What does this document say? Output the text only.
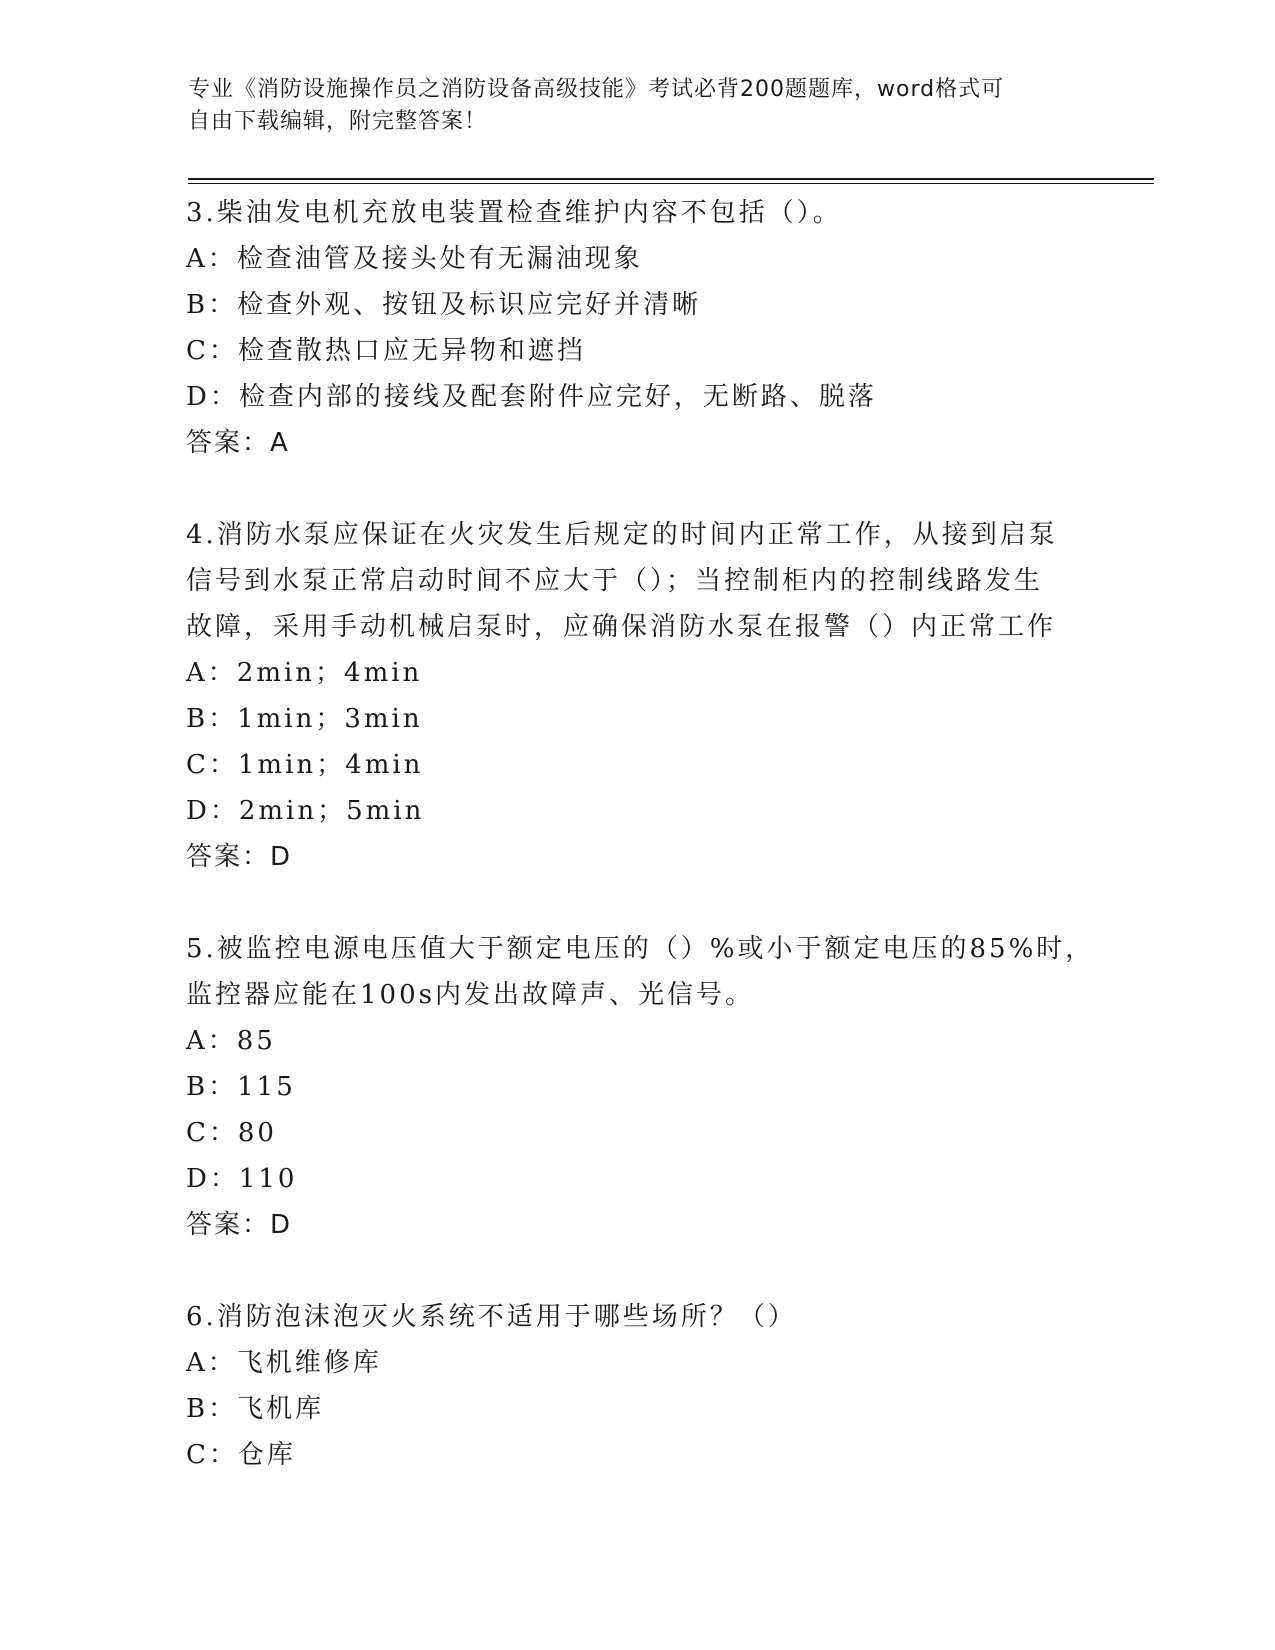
专业《消防设施操作员之消防设备高级技能》考试必背200题题库，word格式可
自由下载编辑，附完整答案！
3.柴油发电机充放电装置检查维护内容不包括（）。
A：检查油管及接头处有无漏油现象
B：检查外观、按钮及标识应完好并清晰
C：检查散热口应无异物和遮挡
D：检查内部的接线及配套附件应完好，无断路、脱落
答案：A
4.消防水泵应保证在火灾发生后规定的时间内正常工作，从接到启泵
信号到水泵正常启动时间不应大于（）；当控制柜内的控制线路发生
故障，采用手动机械启泵时，应确保消防水泵在报警（）内正常工作
A：2min；4min
B：1min；3min
C：1min；4min
D：2min；5min
答案：D
5.被监控电源电压值大于额定电压的（）%或小于额定电压的85%时，
监控器应能在100s内发出故障声、光信号。
A：85
B：115
C：80
D：110
答案：D
6.消防泡沫泡灭火系统不适用于哪些场所？（）
A：飞机维修库
B：飞机库
C：仓库
